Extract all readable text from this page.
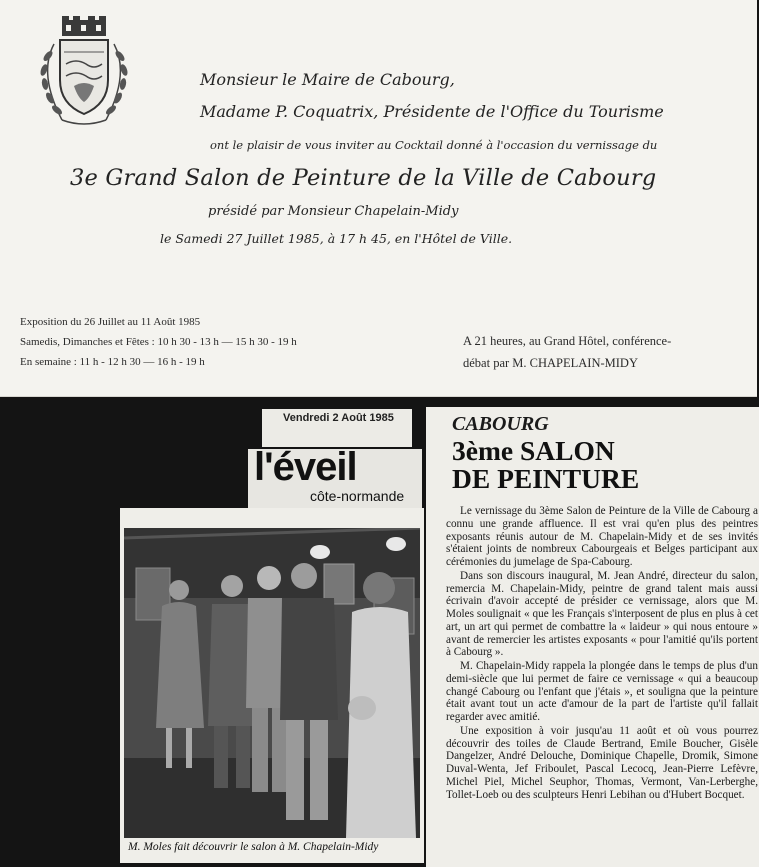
Monsieur le Maire de Cabourg,
Madame P. Coquatrix, Présidente de l'Office du Tourisme
ont le plaisir de vous inviter au Cocktail donné à l'occasion du vernissage du
3e Grand Salon de Peinture de la Ville de Cabourg
présidé par Monsieur Chapelain-Midy
le Samedi 27 Juillet 1985, à 17 h 45, en l'Hôtel de Ville.
Exposition du 26 Juillet au 11 Août 1985
Samedis, Dimanches et Fêtes : 10 h 30 - 13 h — 15 h 30 - 19 h
En semaine : 11 h - 12 h 30 — 16 h - 19 h
A 21 heures, au Grand Hôtel, conférence-
débat par M. CHAPELAIN-MIDY
Vendredi 2 Août 1985
l'éveil
côte-normande
M. Moles fait découvrir le salon à M. Chapelain-Midy
CABOURG
3ème SALON
DE PEINTURE

Le vernissage du 3ème Salon de Peinture de la Ville de Cabourg a connu une grande affluence. Il est vrai qu'en plus des peintres exposants réunis autour de M. Chapelain-Midy et de ses invités s'étaient joints de nombreux Cabourgeais et Belges participant aux cérémonies du jumelage de Spa-Cabourg.

Dans son discours inaugural, M. Jean André, directeur du salon, remercia M. Chapelain-Midy, peintre de grand talent mais aussi écrivain d'avoir accepté de présider ce vernissage, alors que M. Moles soulignait « que les Français s'interposent de plus en plus à cet art, un art qui permet de combattre la « laideur » qui nous entoure » avant de remercier les artistes exposants « pour l'amitié qu'ils portent à Cabourg ».

M. Chapelain-Midy rappela la plongée dans le temps de plus d'un demi-siècle que lui permet de faire ce vernissage « qui a beaucoup changé Cabourg ou l'enfant que j'étais », et souligna que la peinture était avant tout un acte d'amour de la part de l'artiste qu'il fallait regarder avec amitié.

Une exposition à voir jusqu'au 11 août et où vous pourrez découvrir des toiles de Claude Bertrand, Emile Boucher, Gisèle Dangelzer, André Delouche, Dominique Chapelle, Dromik, Simone Duval-Wenta, Jef Friboulet, Pascal Lecocq, Jean-Pierre Lefèvre, Michel Piel, Michel Seuphor, Thomas, Vermont, Van-Lerberghe, Tollet-Loeb ou des sculpteurs Henri Lebihan ou d'Hubert Bocquet.
